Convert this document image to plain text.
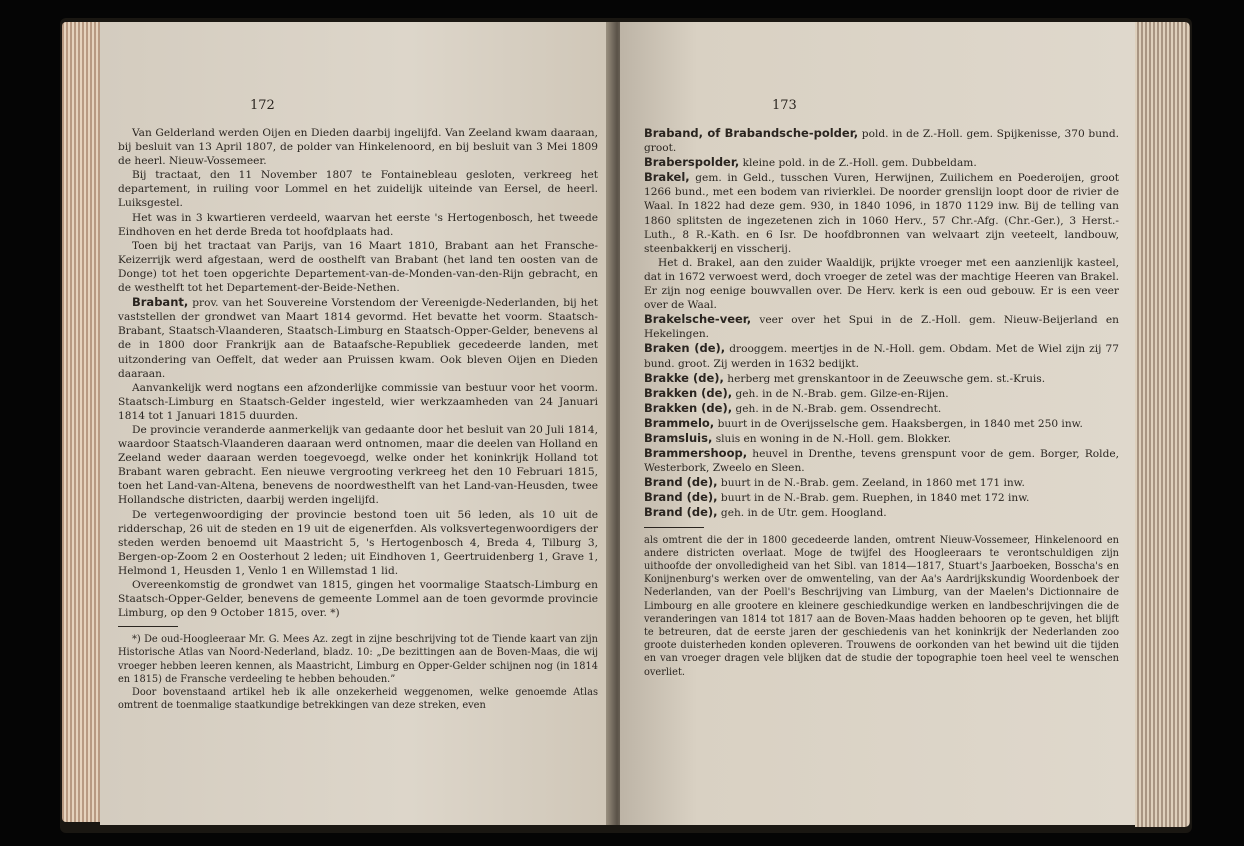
172

Van Gelderland werden Oijen en Dieden daarbij ingelijfd. Van Zeeland kwam daaraan, bij besluit van 13 April 1807, de polder van Hinkelenoord, en bij besluit van 3 Mei 1809 de heerl. Nieuw-Vossemeer.

Bij tractaat, den 11 November 1807 te Fontainebleau gesloten, verkreeg het departement, in ruiling voor Lommel en het zuidelijk uiteinde van Eersel, de heerl. Luiksgestel.

Het was in 3 kwartieren verdeeld, waarvan het eerste 's Hertogenbosch, het tweede Eindhoven en het derde Breda tot hoofdplaats had.

Toen bij het tractaat van Parijs, van 16 Maart 1810, Brabant aan het Fransche-Keizerrijk werd afgestaan, werd de oosthelft van Brabant (het land ten oosten van de Donge) tot het toen opgerichte Departement-van-de-Monden-van-den-Rijn gebracht, en de westhelft tot het Departement-der-Beide-Nethen.

Brabant, prov. van het Souvereine Vorstendom der Vereenigde-Nederlanden, bij het vaststellen der grondwet van Maart 1814 gevormd. Het bevatte het voorm. Staatsch-Brabant, Staatsch-Vlaanderen, Staatsch-Limburg en Staatsch-Opper-Gelder, benevens al de in 1800 door Frankrijk aan de Bataafsche-Republiek gecedeerde landen, met uitzondering van Oeffelt, dat weder aan Pruissen kwam. Ook bleven Oijen en Dieden daaraan.

Aanvankelijk werd nogtans een afzonderlijke commissie van bestuur voor het voorm. Staatsch-Limburg en Staatsch-Gelder ingesteld, wier werkzaamheden van 24 Januari 1814 tot 1 Januari 1815 duurden.

De provincie veranderde aanmerkelijk van gedaante door het besluit van 20 Juli 1814, waardoor Staatsch-Vlaanderen daaraan werd ontnomen, maar die deelen van Holland en Zeeland weder daaraan werden toegevoegd, welke onder het koninkrijk Holland tot Brabant waren gebracht. Een nieuwe vergrooting verkreeg het den 10 Februari 1815, toen het Land-van-Altena, benevens de noordwesthelft van het Land-van-Heusden, twee Hollandsche districten, daarbij werden ingelijfd.

De vertegenwoordiging der provincie bestond toen uit 56 leden, als 10 uit de ridderschap, 26 uit de steden en 19 uit de eigenerfden. Als volksvertegenwoordigers der steden werden benoemd uit Maastricht 5, 's Hertogenbosch 4, Breda 4, Tilburg 3, Bergen-op-Zoom 2 en Oosterhout 2 leden; uit Eindhoven 1, Geertruidenberg 1, Grave 1, Helmond 1, Heusden 1, Venlo 1 en Willemstad 1 lid.

Overeenkomstig de grondwet van 1815, gingen het voormalige Staatsch-Limburg en Staatsch-Opper-Gelder, benevens de gemeente Lommel aan de toen gevormde provincie Limburg, op den 9 October 1815, over. *)

*) De oud-Hoogleeraar Mr. G. Mees Az. zegt in zijne beschrijving tot de Tiende kaart van zijn Historische Atlas van Noord-Nederland, bladz. 10: „De bezittingen aan de Boven-Maas, die wij vroeger hebben leeren kennen, als Maastricht, Limburg en Opper-Gelder schijnen nog (in 1814 en 1815) de Fransche verdeeling te hebben behouden.”

Door bovenstaand artikel heb ik alle onzekerheid weggenomen, welke genoemde Atlas omtrent de toenmalige staatkundige betrekkingen van deze streken, even

173

Braband, of Brabandsche-polder, pold. in de Z.-Holl. gem. Spijkenisse, 370 bund. groot.

Braberspolder, kleine pold. in de Z.-Holl. gem. Dubbeldam.

Brakel, gem. in Geld., tusschen Vuren, Herwijnen, Zuilichem en Poederoijen, groot 1266 bund., met een bodem van rivierklei. De noorder grenslijn loopt door de rivier de Waal. In 1822 had deze gem. 930, in 1840 1096, in 1870 1129 inw. Bij de telling van 1860 splitsten de ingezetenen zich in 1060 Herv., 57 Chr.-Afg. (Chr.-Ger.), 3 Herst.-Luth., 8 R.-Kath. en 6 Isr. De hoofdbronnen van welvaart zijn veeteelt, landbouw, steenbakkerij en visscherij.

Het d. Brakel, aan den zuider Waaldijk, prijkte vroeger met een aanzienlijk kasteel, dat in 1672 verwoest werd, doch vroeger de zetel was der machtige Heeren van Brakel. Er zijn nog eenige bouwvallen over. De Herv. kerk is een oud gebouw. Er is een veer over de Waal.

Brakelsche-veer, veer over het Spui in de Z.-Holl. gem. Nieuw-Beijerland en Hekelingen.

Braken (de), drooggem. meertjes in de N.-Holl. gem. Obdam. Met de Wiel zijn zij 77 bund. groot. Zij werden in 1632 bedijkt.

Brakke (de), herberg met grenskantoor in de Zeeuwsche gem. st.-Kruis.

Brakken (de), geh. in de N.-Brab. gem. Gilze-en-Rijen.

Brakken (de), geh. in de N.-Brab. gem. Ossendrecht.

Brammelo, buurt in de Overijsselsche gem. Haaksbergen, in 1840 met 250 inw.

Bramsluis, sluis en woning in de N.-Holl. gem. Blokker.

Brammershoop, heuvel in Drenthe, tevens grenspunt voor de gem. Borger, Rolde, Westerbork, Zweelo en Sleen.

Brand (de), buurt in de N.-Brab. gem. Zeeland, in 1860 met 171 inw.

Brand (de), buurt in de N.-Brab. gem. Ruephen, in 1840 met 172 inw.

Brand (de), geh. in de Utr. gem. Hoogland.

als omtrent die der in 1800 gecedeerde landen, omtrent Nieuw-Vossemeer, Hinkelenoord en andere districten overlaat. Moge de twijfel des Hoogleeraars te verontschuldigen zijn uithoofde der onvolledigheid van het Sibl. van 1814—1817, Stuart's Jaarboeken, Bosscha's en Konijnenburg's werken over de omwenteling, van der Aa's Aardrijkskundig Woordenboek der Nederlanden, van der Poell's Beschrijving van Limburg, van der Maelen's Dictionnaire de Limbourg en alle grootere en kleinere geschiedkundige werken en landbeschrijvingen die de veranderingen van 1814 tot 1817 aan de Boven-Maas hadden behooren op te geven, het blijft te betreuren, dat de eerste jaren der geschiedenis van het koninkrijk der Nederlanden zoo groote duisterheden konden opleveren. Trouwens de oorkonden van het bewind uit die tijden en van vroeger dragen vele blijken dat de studie der topographie toen heel veel te wenschen overliet.
